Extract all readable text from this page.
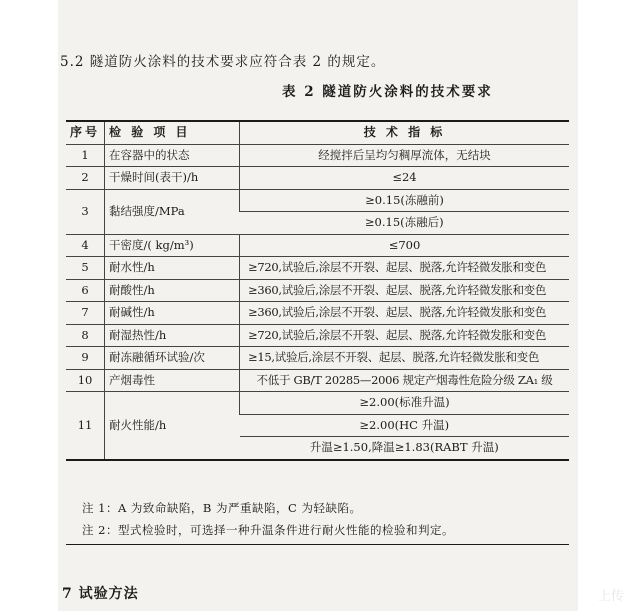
5.2 隧道防火涂料的技术要求应符合表 2 的规定。
表 2 隧道防火涂料的技术要求
序号	检 验 项 目	技 术 指 标
1	在容器中的状态	经搅拌后呈均匀稠厚流体，无结块
2	干燥时间(表干)/h	≤24
3	黏结强度/MPa	≥0.15(冻融前)
		≥0.15(冻融后)
4	干密度/( kg/m³)	≤700
5	耐水性/h	≥720,试验后,涂层不开裂、起层、脱落,允许轻微发胀和变色
6	耐酸性/h	≥360,试验后,涂层不开裂、起层、脱落,允许轻微发胀和变色
7	耐碱性/h	≥360,试验后,涂层不开裂、起层、脱落,允许轻微发胀和变色
8	耐湿热性/h	≥720,试验后,涂层不开裂、起层、脱落,允许轻微发胀和变色
9	耐冻融循环试验/次	≥15,试验后,涂层不开裂、起层、脱落,允许轻微发胀和变色
10	产烟毒性	不低于 GB/T 20285—2006 规定产烟毒性危险分级 ZA₁ 级
11	耐火性能/h	≥2.00(标准升温)
		≥2.00(HC 升温)
		升温≥1.50,降温≥1.83(RABT 升温)
注 1：A 为致命缺陷，B 为严重缺陷，C 为轻缺陷。
注 2：型式检验时，可选择一种升温条件进行耐火性能的检验和判定。
7 试验方法	上传
